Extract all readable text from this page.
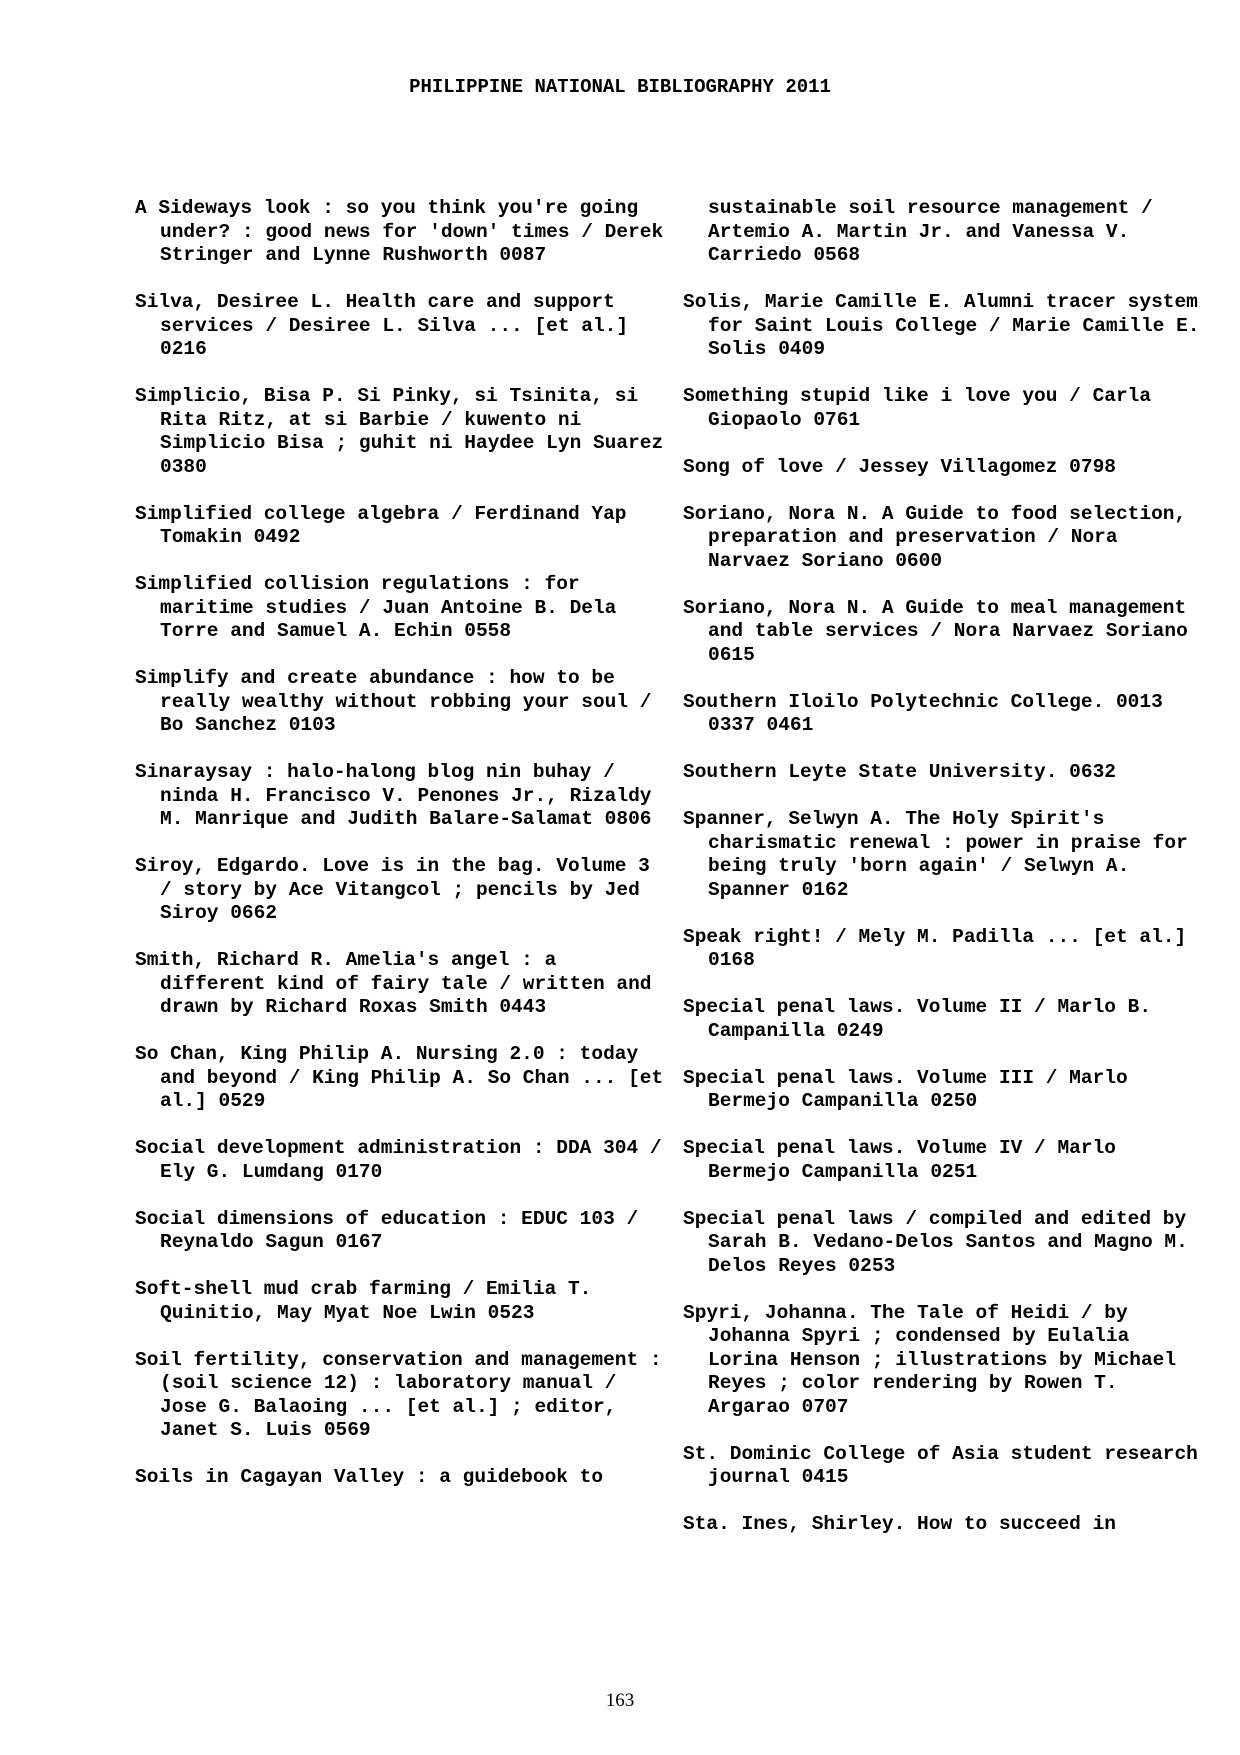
PHILIPPINE NATIONAL BIBLIOGRAPHY 2011

A Sideways look : so you think you're going under? : good news for 'down' times / Derek Stringer and Lynne Rushworth 0087

Silva, Desiree L. Health care and support services / Desiree L. Silva ... [et al.] 0216

Simplicio, Bisa P. Si Pinky, si Tsinita, si Rita Ritz, at si Barbie / kuwento ni Simplicio Bisa ; guhit ni Haydee Lyn Suarez 0380

Simplified college algebra / Ferdinand Yap Tomakin 0492

Simplified collision regulations : for maritime studies / Juan Antoine B. Dela Torre and Samuel A. Echin 0558

Simplify and create abundance : how to be really wealthy without robbing your soul / Bo Sanchez 0103

Sinaraysay : halo-halong blog nin buhay / ninda H. Francisco V. Penones Jr., Rizaldy M. Manrique and Judith Balare-Salamat 0806

Siroy, Edgardo. Love is in the bag. Volume 3 / story by Ace Vitangcol ; pencils by Jed Siroy 0662

Smith, Richard R. Amelia's angel : a different kind of fairy tale / written and drawn by Richard Roxas Smith 0443

So Chan, King Philip A. Nursing 2.0 : today and beyond / King Philip A. So Chan ... [et al.] 0529

Social development administration : DDA 304 / Ely G. Lumdang 0170

Social dimensions of education : EDUC 103 / Reynaldo Sagun 0167

Soft-shell mud crab farming / Emilia T. Quinitio, May Myat Noe Lwin 0523

Soil fertility, conservation and management : (soil science 12) : laboratory manual / Jose G. Balaoing ... [et al.] ; editor, Janet S. Luis 0569

Soils in Cagayan Valley : a guidebook to

sustainable soil resource management / Artemio A. Martin Jr. and Vanessa V. Carriedo 0568

Solis, Marie Camille E. Alumni tracer system for Saint Louis College / Marie Camille E. Solis 0409

Something stupid like i love you / Carla Giopaolo 0761

Song of love / Jessey Villagomez 0798

Soriano, Nora N. A Guide to food selection, preparation and preservation / Nora Narvaez Soriano 0600

Soriano, Nora N. A Guide to meal management and table services / Nora Narvaez Soriano 0615

Southern Iloilo Polytechnic College. 0013 0337 0461

Southern Leyte State University. 0632

Spanner, Selwyn A. The Holy Spirit's charismatic renewal : power in praise for being truly 'born again' / Selwyn A. Spanner 0162

Speak right! / Mely M. Padilla ... [et al.] 0168

Special penal laws. Volume II / Marlo B. Campanilla 0249

Special penal laws. Volume III / Marlo Bermejo Campanilla 0250

Special penal laws. Volume IV / Marlo Bermejo Campanilla 0251

Special penal laws / compiled and edited by Sarah B. Vedano-Delos Santos and Magno M. Delos Reyes 0253

Spyri, Johanna. The Tale of Heidi / by Johanna Spyri ; condensed by Eulalia Lorina Henson ; illustrations by Michael Reyes ; color rendering by Rowen T. Argarao 0707

St. Dominic College of Asia student research journal 0415

Sta. Ines, Shirley. How to succeed in

163
